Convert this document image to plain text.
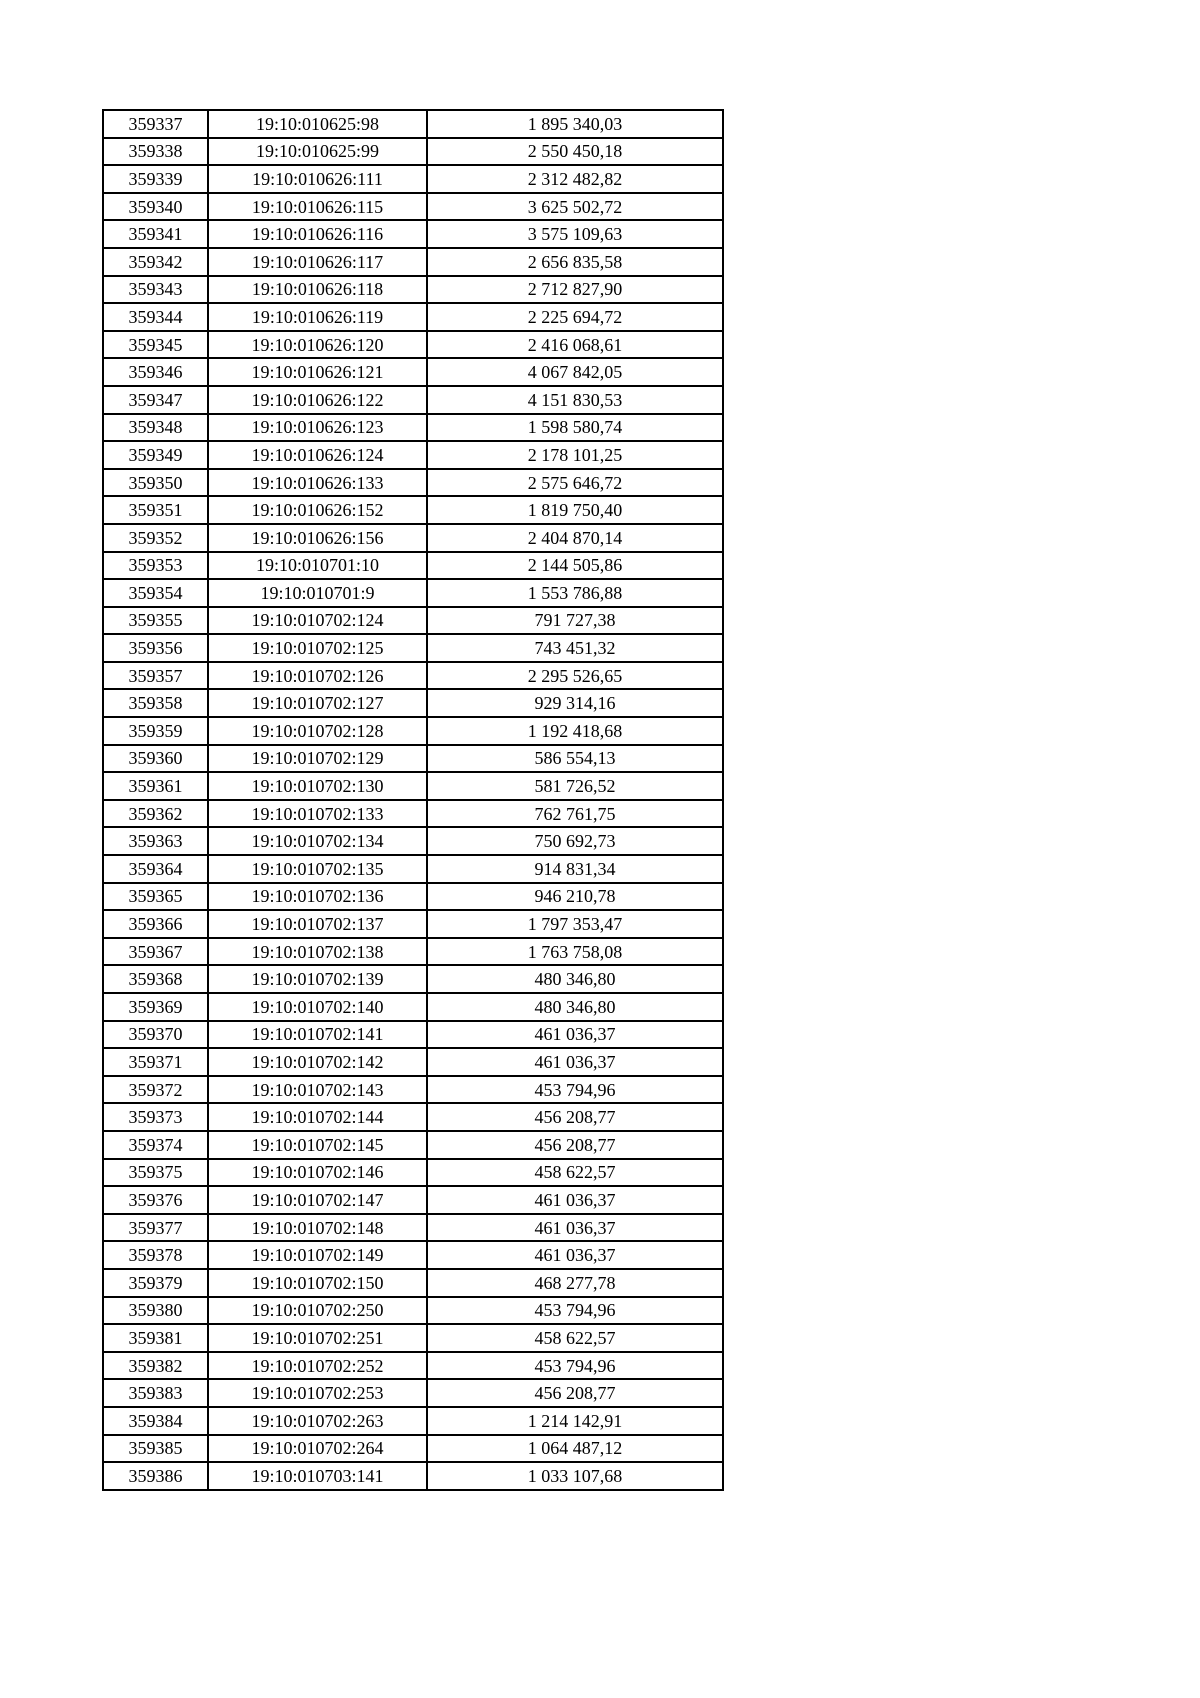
359337	19:10:010625:98	1 895 340,03
359338	19:10:010625:99	2 550 450,18
359339	19:10:010626:111	2 312 482,82
359340	19:10:010626:115	3 625 502,72
359341	19:10:010626:116	3 575 109,63
359342	19:10:010626:117	2 656 835,58
359343	19:10:010626:118	2 712 827,90
359344	19:10:010626:119	2 225 694,72
359345	19:10:010626:120	2 416 068,61
359346	19:10:010626:121	4 067 842,05
359347	19:10:010626:122	4 151 830,53
359348	19:10:010626:123	1 598 580,74
359349	19:10:010626:124	2 178 101,25
359350	19:10:010626:133	2 575 646,72
359351	19:10:010626:152	1 819 750,40
359352	19:10:010626:156	2 404 870,14
359353	19:10:010701:10	2 144 505,86
359354	19:10:010701:9	1 553 786,88
359355	19:10:010702:124	791 727,38
359356	19:10:010702:125	743 451,32
359357	19:10:010702:126	2 295 526,65
359358	19:10:010702:127	929 314,16
359359	19:10:010702:128	1 192 418,68
359360	19:10:010702:129	586 554,13
359361	19:10:010702:130	581 726,52
359362	19:10:010702:133	762 761,75
359363	19:10:010702:134	750 692,73
359364	19:10:010702:135	914 831,34
359365	19:10:010702:136	946 210,78
359366	19:10:010702:137	1 797 353,47
359367	19:10:010702:138	1 763 758,08
359368	19:10:010702:139	480 346,80
359369	19:10:010702:140	480 346,80
359370	19:10:010702:141	461 036,37
359371	19:10:010702:142	461 036,37
359372	19:10:010702:143	453 794,96
359373	19:10:010702:144	456 208,77
359374	19:10:010702:145	456 208,77
359375	19:10:010702:146	458 622,57
359376	19:10:010702:147	461 036,37
359377	19:10:010702:148	461 036,37
359378	19:10:010702:149	461 036,37
359379	19:10:010702:150	468 277,78
359380	19:10:010702:250	453 794,96
359381	19:10:010702:251	458 622,57
359382	19:10:010702:252	453 794,96
359383	19:10:010702:253	456 208,77
359384	19:10:010702:263	1 214 142,91
359385	19:10:010702:264	1 064 487,12
359386	19:10:010703:141	1 033 107,68
